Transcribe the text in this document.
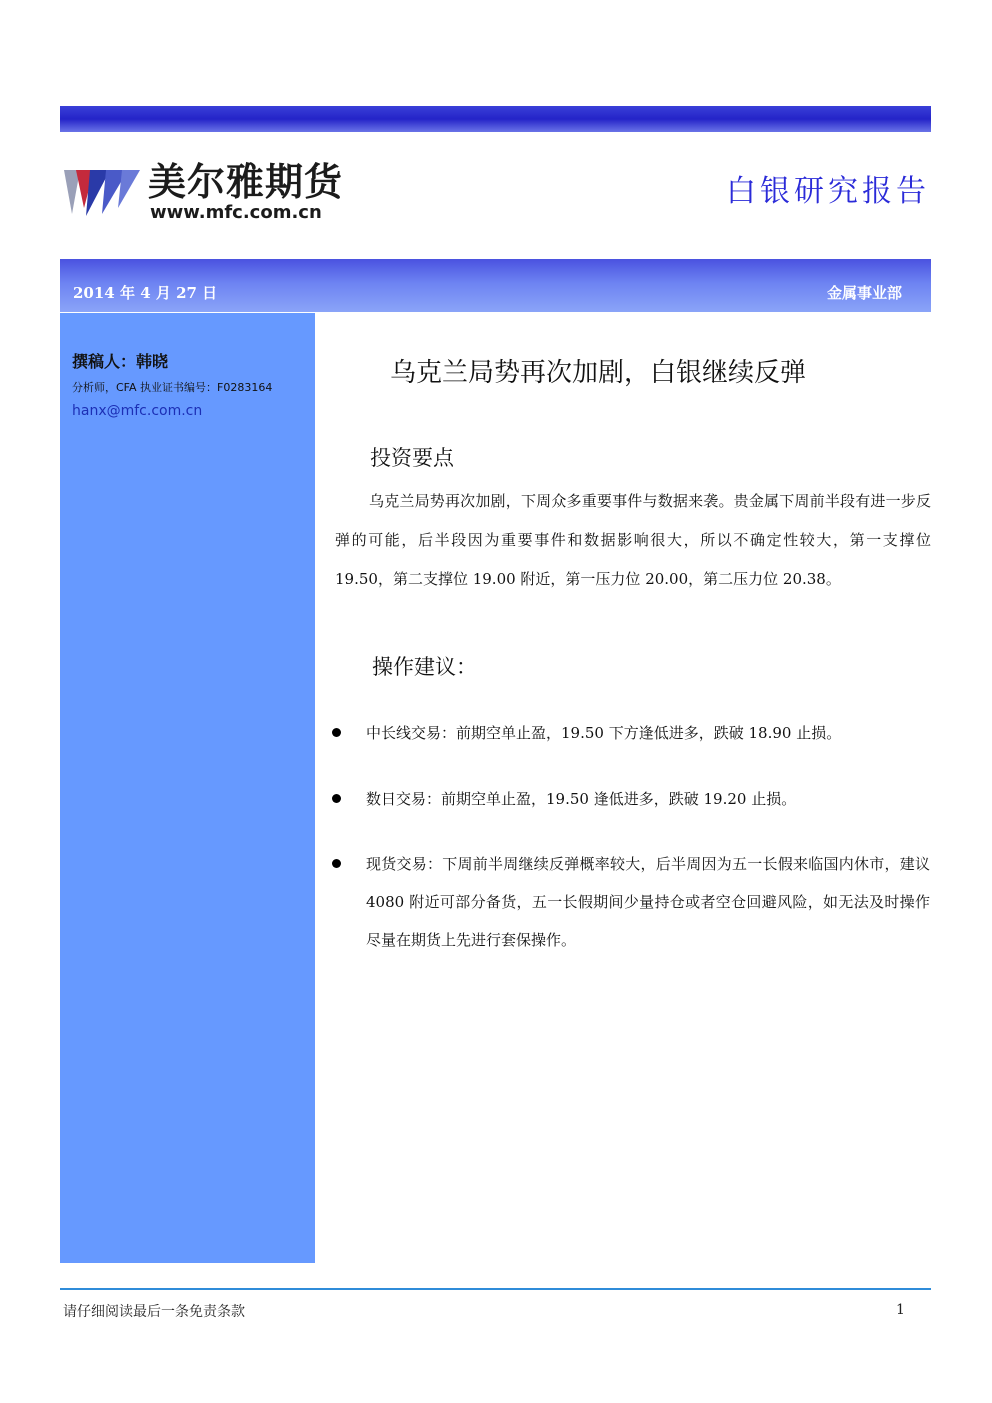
美尔雅期货
www.mfc.com.cn
白银研究报告
2014 年 4 月 27 日	金属事业部
撰稿人：韩晓
分析师，CFA 执业证书编号：F0283164
hanx@mfc.com.cn
乌克兰局势再次加剧，白银继续反弹
投资要点

乌克兰局势再次加剧，下周众多重要事件与数据来袭。贵金属下周前半段有进一步反弹的可能，后半段因为重要事件和数据影响很大，所以不确定性较大，第一支撑位 19.50，第二支撑位 19.00 附近，第一压力位 20.00，第二压力位 20.38。

操作建议：
中长线交易：前期空单止盈，19.50 下方逢低进多，跌破 18.90 止损。
数日交易：前期空单止盈，19.50 逢低进多，跌破 19.20 止损。
现货交易：下周前半周继续反弹概率较大，后半周因为五一长假来临国内休市，建议 4080 附近可部分备货，五一长假期间少量持仓或者空仓回避风险，如无法及时操作尽量在期货上先进行套保操作。
请仔细阅读最后一条免责条款	1
